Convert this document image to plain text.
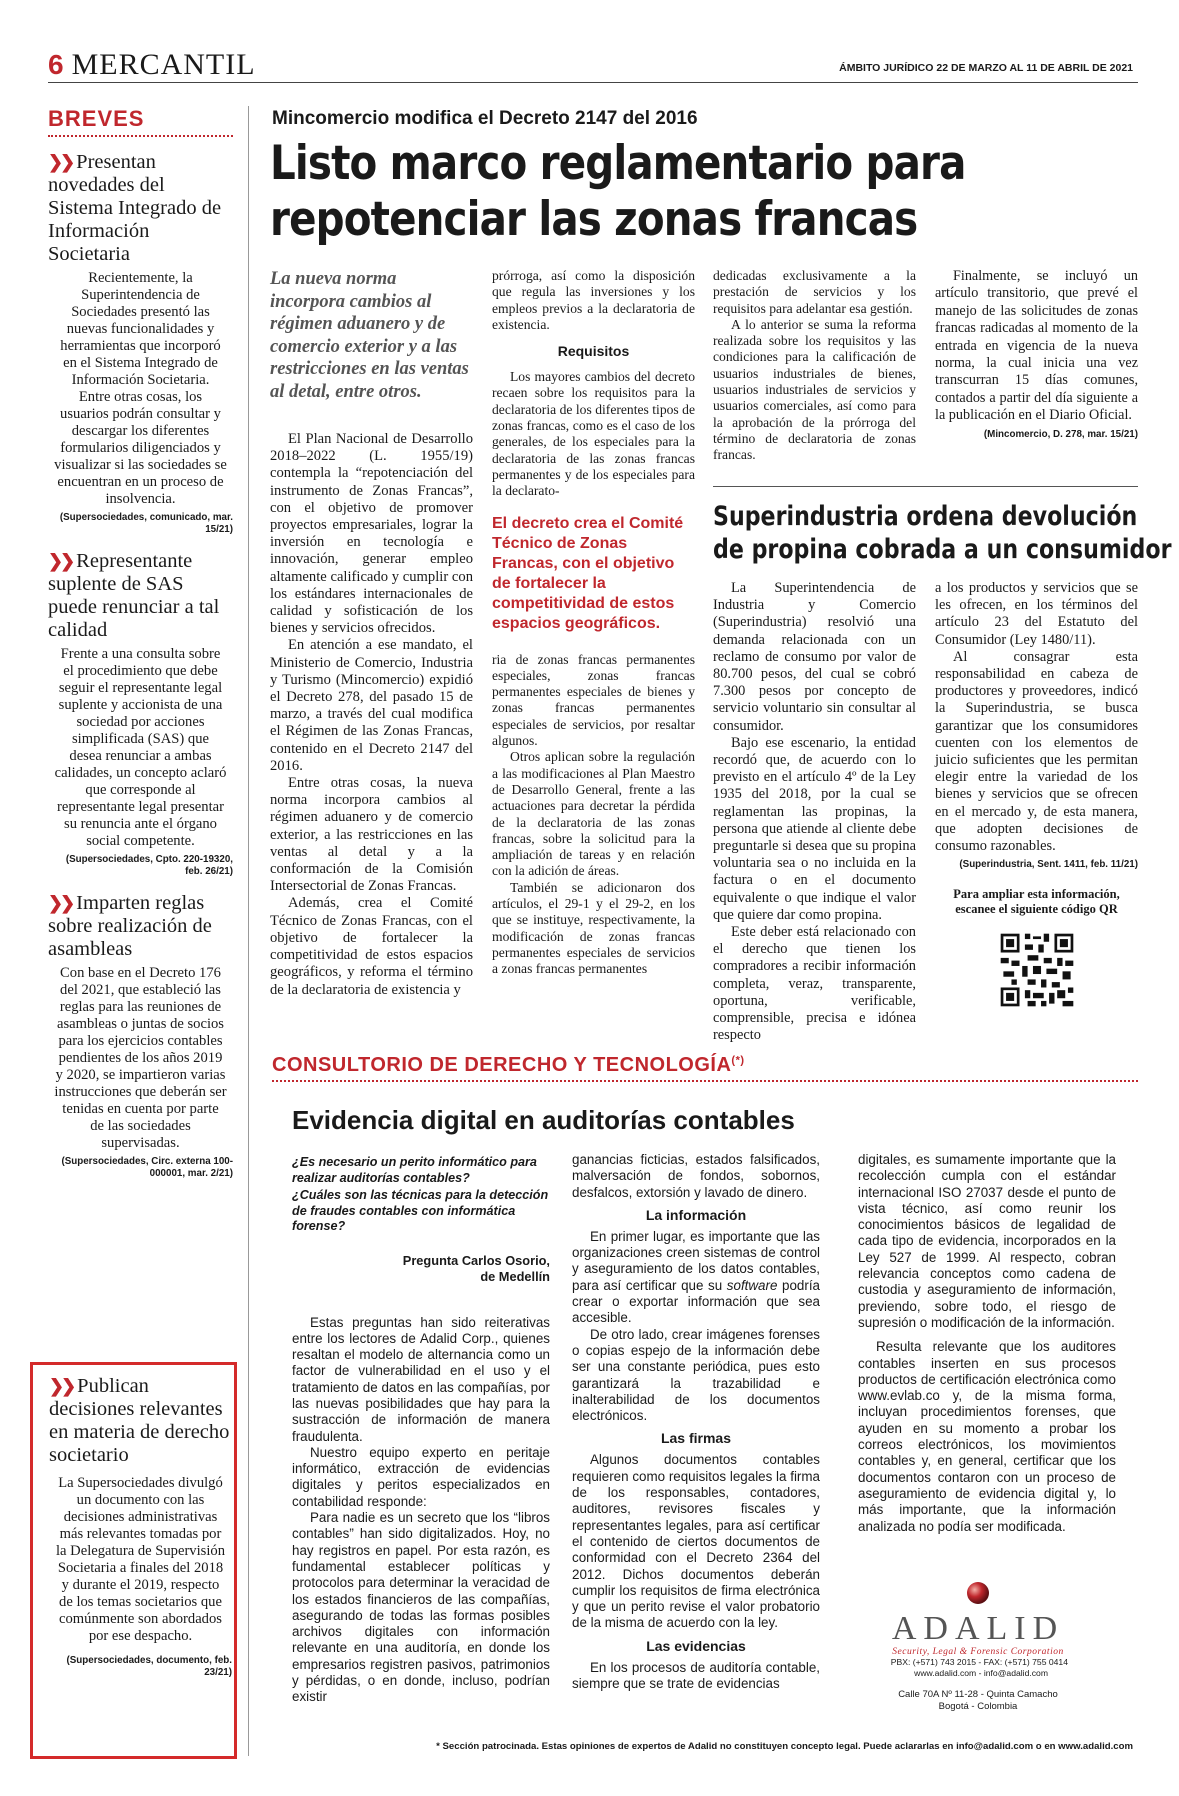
6 MERCANTIL	ÁMBITO JURÍDICO 22 DE MARZO AL 11 DE ABRIL DE 2021
BREVES
❯❯ Presentan novedades del Sistema Integrado de Información Societaria
Recientemente, la Superintendencia de Sociedades presentó las nuevas funcionalidades y herramientas que incorporó en el Sistema Integrado de Información Societaria. Entre otras cosas, los usuarios podrán consultar y descargar los diferentes formularios diligenciados y visualizar si las sociedades se encuentran en un proceso de insolvencia.
(Supersociedades, comunicado, mar. 15/21)
❯❯ Representante suplente de SAS puede renunciar a tal calidad
Frente a una consulta sobre el procedimiento que debe seguir el representante legal suplente y accionista de una sociedad por acciones simplificada (SAS) que desea renunciar a ambas calidades, un concepto aclaró que corresponde al representante legal presentar su renuncia ante el órgano social competente.
(Supersociedades, Cpto. 220-19320, feb. 26/21)
❯❯ Imparten reglas sobre realización de asambleas
Con base en el Decreto 176 del 2021, que estableció las reglas para las reuniones de asambleas o juntas de socios para los ejercicios contables pendientes de los años 2019 y 2020, se impartieron varias instrucciones que deberán ser tenidas en cuenta por parte de las sociedades supervisadas.
(Supersociedades, Circ. externa 100-000001, mar. 2/21)
❯❯ Publican decisiones relevantes en materia de derecho societario
La Supersociedades divulgó un documento con las decisiones administrativas más relevantes tomadas por la Delegatura de Supervisión Societaria a finales del 2018 y durante el 2019, respecto de los temas societarios que comúnmente son abordados por ese despacho.
(Supersociedades, documento, feb. 23/21)
Mincomercio modifica el Decreto 2147 del 2016
Listo marco reglamentario para
repotenciar las zonas francas
La nueva norma incorpora cambios al régimen aduanero y de comercio exterior y a las restricciones en las ventas al detal, entre otros.

El Plan Nacional de Desarrollo 2018–2022 (L. 1955/19) contempla la “repotenciación del instrumento de Zonas Francas”, con el objetivo de promover proyectos empresariales, lograr la inversión en tecnología e innovación, generar empleo altamente calificado y cumplir con los estándares internacionales de calidad y sofisticación de los bienes y servicios ofrecidos.

En atención a ese mandato, el Ministerio de Comercio, Industria y Turismo (Mincomercio) expidió el Decreto 278, del pasado 15 de marzo, a través del cual modifica el Régimen de las Zonas Francas, contenido en el Decreto 2147 del 2016.

Entre otras cosas, la nueva norma incorpora cambios al régimen aduanero y de comercio exterior, a las restricciones en las ventas al detal y a la conformación de la Comisión Intersectorial de Zonas Francas.

Además, crea el Comité Técnico de Zonas Francas, con el objetivo de fortalecer la competitividad de estos espacios geográficos, y reforma el término de la declaratoria de existencia y

prórroga, así como la disposición que regula las inversiones y los empleos previos a la declaratoria de existencia.

Requisitos

Los mayores cambios del decreto recaen sobre los requisitos para la declaratoria de los diferentes tipos de zonas francas, como es el caso de los generales, de los especiales para la declaratoria de las zonas francas permanentes y de los especiales para la declarato-

El decreto crea el Comité Técnico de Zonas Francas, con el objetivo de fortalecer la competitividad de estos espacios geográficos.

ria de zonas francas permanentes especiales, zonas francas permanentes especiales de bienes y zonas francas permanentes especiales de servicios, por resaltar algunos.

Otros aplican sobre la regulación a las modificaciones al Plan Maestro de Desarrollo General, frente a las actuaciones para decretar la pérdida de la declaratoria de las zonas francas, sobre la solicitud para la ampliación de tareas y en relación con la adición de áreas.

También se adicionaron dos artículos, el 29-1 y el 29-2, en los que se instituye, respectivamente, la modificación de zonas francas permanentes especiales de servicios a zonas francas permanentes

dedicadas exclusivamente a la prestación de servicios y los requisitos para adelantar esa gestión.

A lo anterior se suma la reforma realizada sobre los requisitos y las condiciones para la calificación de usuarios industriales de bienes, usuarios industriales de servicios y usuarios comerciales, así como para la aprobación de la prórroga del término de declaratoria de zonas francas.

Finalmente, se incluyó un artículo transitorio, que prevé el manejo de las solicitudes de zonas francas radicadas al momento de la entrada en vigencia de la nueva norma, la cual inicia una vez transcurran 15 días comunes, contados a partir del día siguiente a la publicación en el Diario Oficial.

(Mincomercio, D. 278, mar. 15/21)
Superindustria ordena devolución
de propina cobrada a un consumidor

La Superintendencia de Industria y Comercio (Superindustria) resolvió una demanda relacionada con un reclamo de consumo por valor de 80.700 pesos, del cual se cobró 7.300 pesos por concepto de servicio voluntario sin consultar al consumidor.

Bajo ese escenario, la entidad recordó que, de acuerdo con lo previsto en el artículo 4º de la Ley 1935 del 2018, por la cual se reglamentan las propinas, la persona que atiende al cliente debe preguntarle si desea que su propina voluntaria sea o no incluida en la factura o en el documento equivalente o que indique el valor que quiere dar como propina.

Este deber está relacionado con el derecho que tienen los compradores a recibir información completa, veraz, transparente, oportuna, verificable, comprensible, precisa e idónea respecto

a los productos y servicios que se les ofrecen, en los términos del artículo 23 del Estatuto del Consumidor (Ley 1480/11).

Al consagrar esta responsabilidad en cabeza de productores y proveedores, indicó la Superindustria, se busca garantizar que los consumidores cuenten con los elementos de juicio suficientes que les permitan elegir entre la variedad de los bienes y servicios que se ofrecen en el mercado y, de esta manera, que adopten decisiones de consumo razonables.

(Superindustria, Sent. 1411, feb. 11/21)
Para ampliar esta información, escanee el siguiente código QR
CONSULTORIO DE DERECHO Y TECNOLOGÍA(*)
Evidencia digital en auditorías contables
¿Es necesario un perito informático para realizar auditorías contables?
¿Cuáles son las técnicas para la detección de fraudes contables con informática forense?
Pregunta Carlos Osorio,
de Medellín

Estas preguntas han sido reiterativas entre los lectores de Adalid Corp., quienes resaltan el modelo de alternancia como un factor de vulnerabilidad en el uso y el tratamiento de datos en las compañías, por las nuevas posibilidades que hay para la sustracción de información de manera fraudulenta.

Nuestro equipo experto en peritaje informático, extracción de evidencias digitales y peritos especializados en contabilidad responde:

Para nadie es un secreto que los “libros contables” han sido digitalizados. Hoy, no hay registros en papel. Por esta razón, es fundamental establecer políticas y protocolos para determinar la veracidad de los estados financieros de las compañías, asegurando de todas las formas posibles archivos digitales con información relevante en una auditoría, en donde los empresarios registren pasivos, patrimonios y pérdidas, o en donde, incluso, podrían existir

ganancias ficticias, estados falsificados, malversación de fondos, sobornos, desfalcos, extorsión y lavado de dinero.

La información

En primer lugar, es importante que las organizaciones creen sistemas de control y aseguramiento de los datos contables, para así certificar que su software podría crear o exportar información que sea accesible.

De otro lado, crear imágenes forenses o copias espejo de la información debe ser una constante periódica, pues esto garantizará la trazabilidad e inalterabilidad de los documentos electrónicos.

Las firmas

Algunos documentos contables requieren como requisitos legales la firma de los responsables, contadores, auditores, revisores fiscales y representantes legales, para así certificar el contenido de ciertos documentos de conformidad con el Decreto 2364 del 2012. Dichos documentos deberán cumplir los requisitos de firma electrónica y que un perito revise el valor probatorio de la misma de acuerdo con la ley.

Las evidencias

En los procesos de auditoría contable, siempre que se trate de evidencias

digitales, es sumamente importante que la recolección cumpla con el estándar internacional ISO 27037 desde el punto de vista técnico, así como reunir los conocimientos básicos de legalidad de cada tipo de evidencia, incorporados en la Ley 527 de 1999. Al respecto, cobran relevancia conceptos como cadena de custodia y aseguramiento de información, previendo, sobre todo, el riesgo de supresión o modificación de la información.

Resulta relevante que los auditores contables inserten en sus procesos productos de certificación electrónica como www.evlab.co y, de la misma forma, incluyan procedimientos forenses, que ayuden en su momento a probar los correos electrónicos, los movimientos contables y, en general, certificar que los documentos contaron con un proceso de aseguramiento de evidencia digital y, lo más importante, que la información analizada no podía ser modificada.

ADALID
Security, Legal & Forensic Corporation
PBX: (+571) 743 2015 - FAX: (+571) 755 0414
www.adalid.com - info@adalid.com
Calle 70A Nº 11-28 - Quinta Camacho
Bogotá - Colombia
* Sección patrocinada. Estas opiniones de expertos de Adalid no constituyen concepto legal. Puede aclararlas en info@adalid.com o en www.adalid.com
